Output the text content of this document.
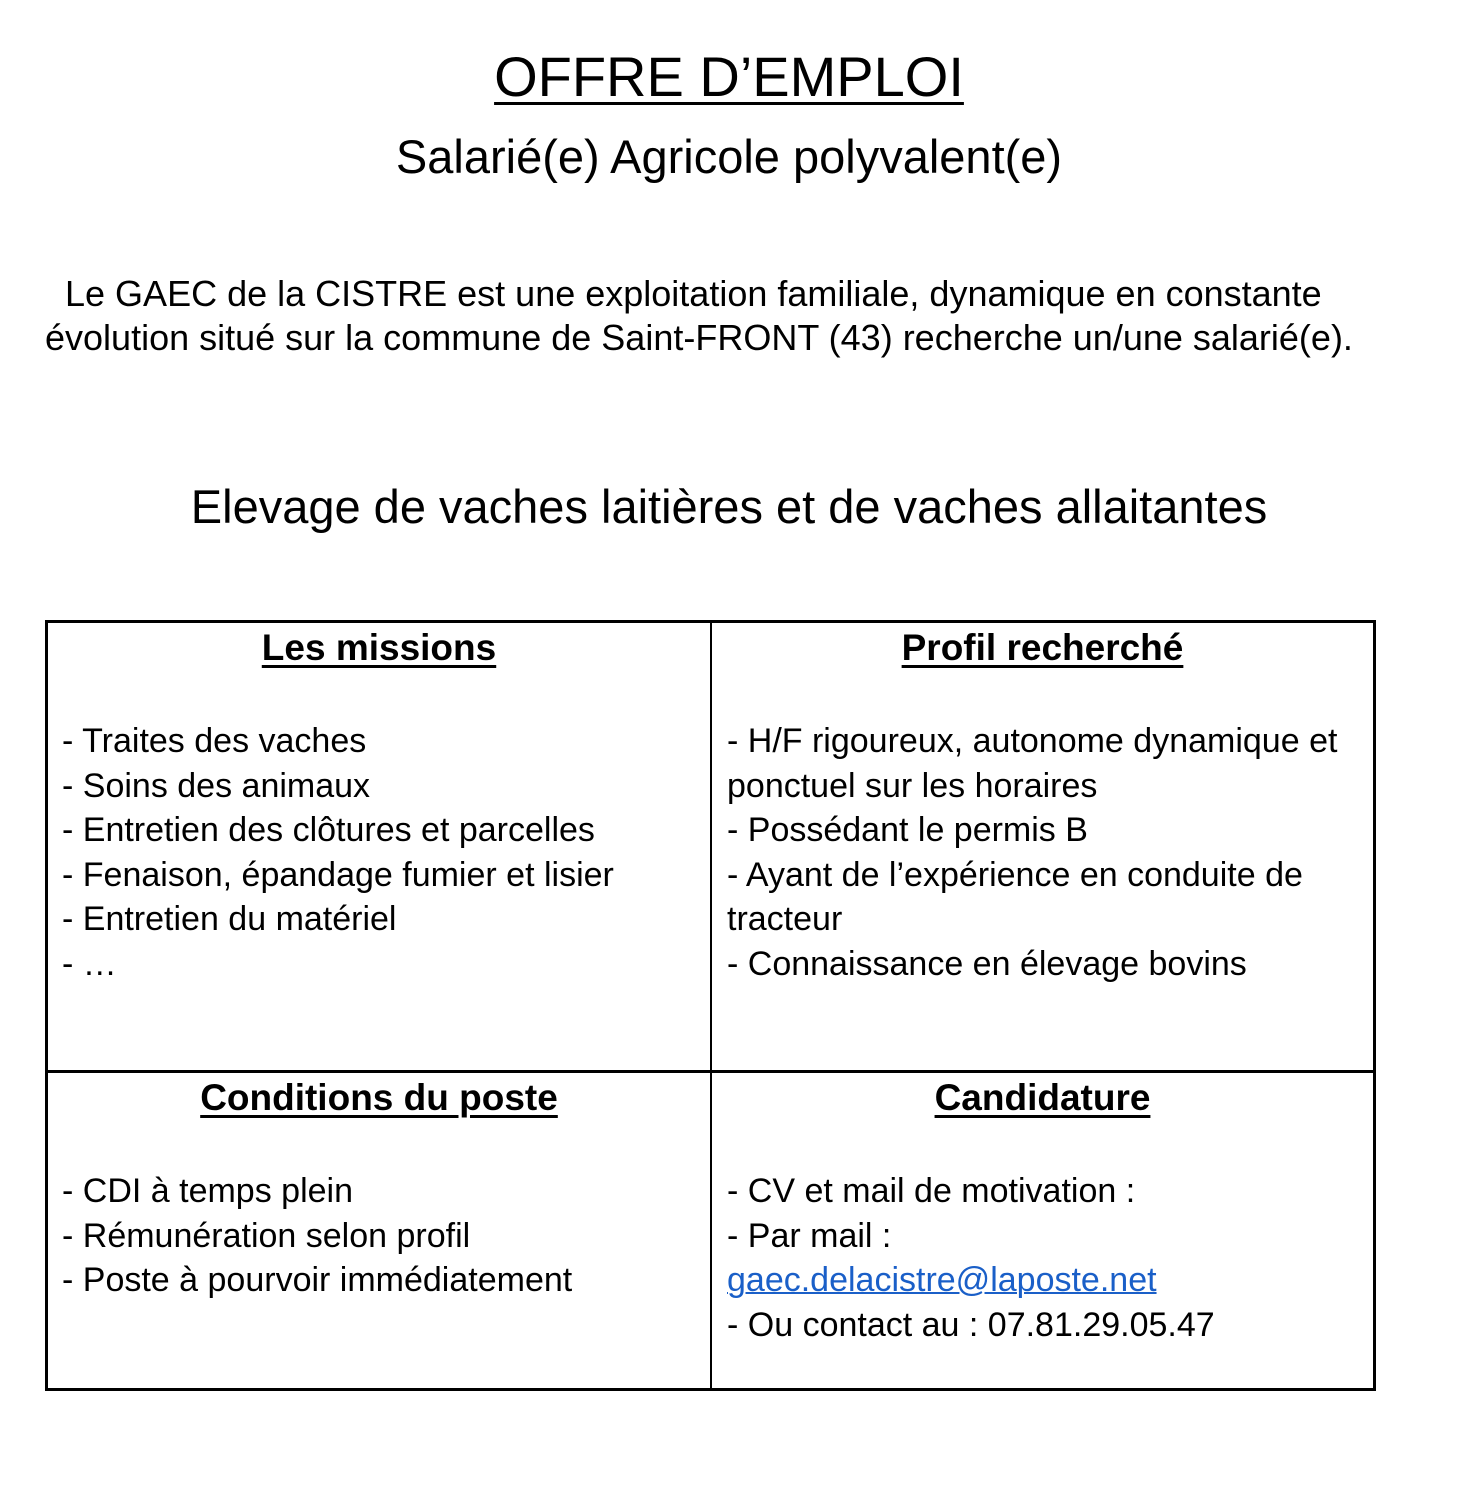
OFFRE D’EMPLOI
Salarié(e) Agricole polyvalent(e)
Le GAEC de la CISTRE est une exploitation familiale, dynamique en constante évolution situé sur la commune de Saint-FRONT (43) recherche un/une salarié(e).
Elevage de vaches laitières et de vaches allaitantes
Les missions
- Traites des vaches
- Soins des animaux
- Entretien des clôtures et parcelles
- Fenaison, épandage fumier et lisier
- Entretien du matériel
- …
Profil recherché
- H/F rigoureux, autonome dynamique et ponctuel sur les horaires
- Possédant le permis B
- Ayant de l’expérience en conduite de tracteur
- Connaissance en élevage bovins
Conditions du poste
- CDI à temps plein
- Rémunération selon profil
- Poste à pourvoir immédiatement
Candidature
- CV et mail de motivation :
- Par mail :
gaec.delacistre@laposte.net
- Ou contact au : 07.81.29.05.47
